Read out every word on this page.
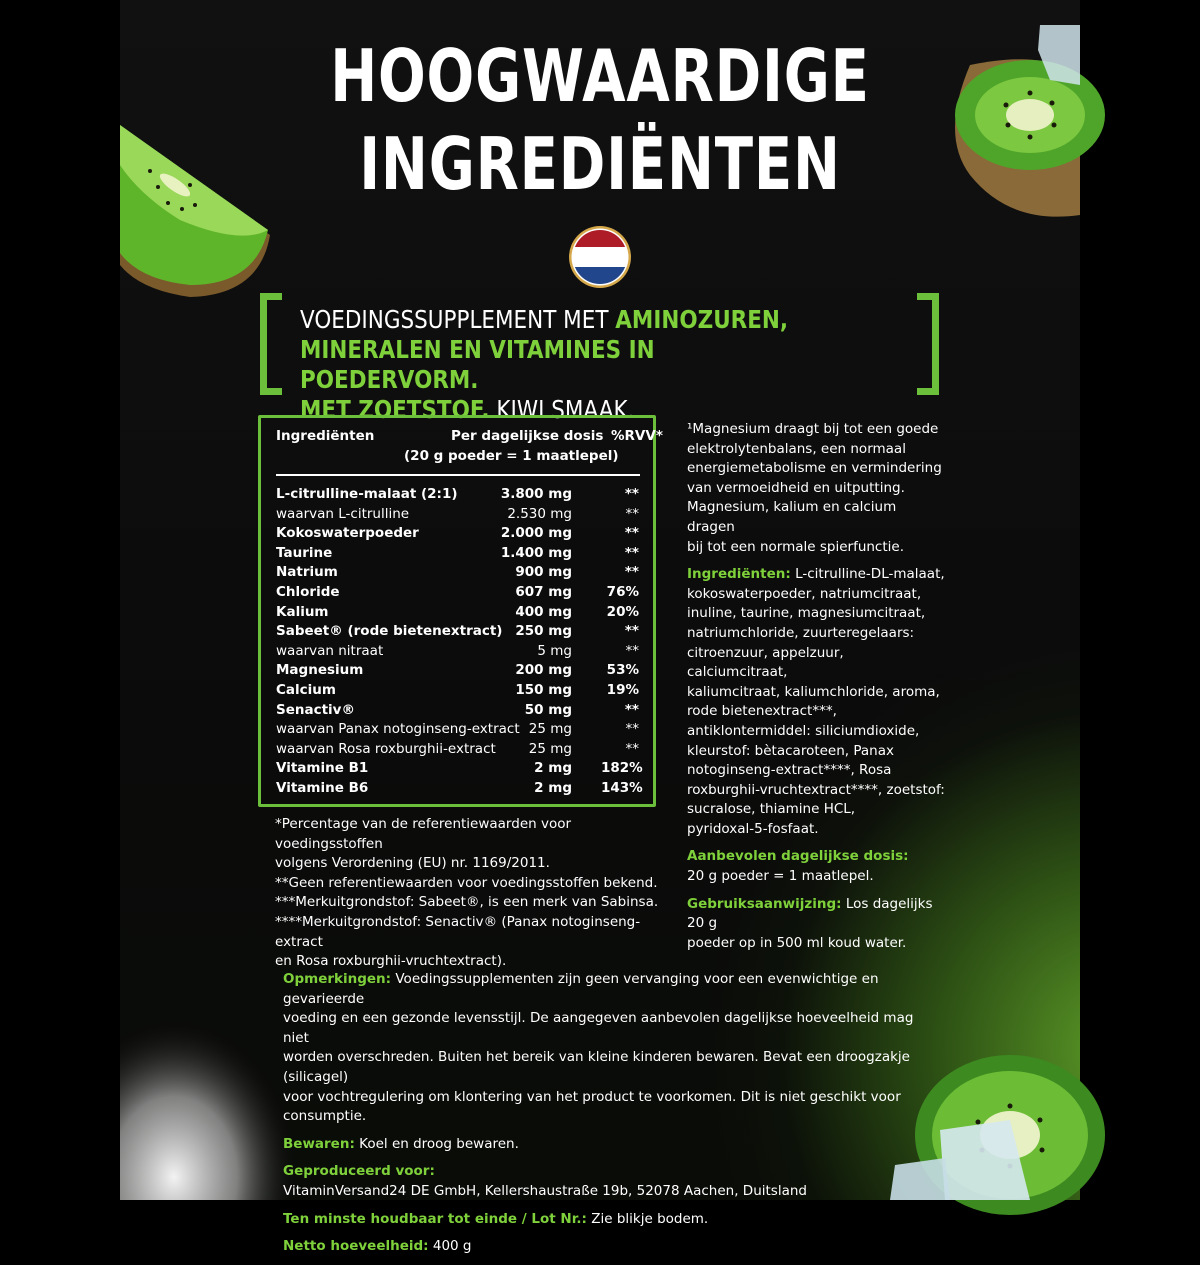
HOOGWAARDIGE
INGREDIËNTEN
VOEDINGSSUPPLEMENT MET AMINOZUREN,
MINERALEN EN VITAMINES IN POEDERVORM.
MET ZOETSTOF. KIWI SMAAK.
Ingrediënten	Per dagelijkse dosis
(20 g poeder = 1 maatlepel)
%RVV*
L-citrulline-malaat (2:1)	3.800 mg	**
waarvan L-citrulline	2.530 mg	**
Kokoswaterpoeder	2.000 mg	**
Taurine	1.400 mg	**
Natrium	900 mg	**
Chloride	607 mg	76%
Kalium	400 mg	20%
Sabeet® (rode bietenextract) 250 mg	**
waarvan nitraat	5 mg	**
Magnesium	200 mg	53%
Calcium	150 mg	19%
Senactiv®	50 mg	**
waarvan Panax notoginseng-extract 25 mg	**
waarvan Rosa roxburghii-extract	25 mg	**
Vitamine B1	2 mg 182%
Vitamine B6	2 mg 143%

¹Magnesium draagt bij tot een goede

elektrolytenbalans, een normaal

energiemetabolisme en vermindering

van vermoeidheid en uitputting.

Magnesium, kalium en calcium dragen

bij tot een normale spierfunctie.

Ingrediënten: L-citrulline-DL-malaat,

kokoswaterpoeder, natriumcitraat,

inuline, taurine, magnesiumcitraat,

natriumchloride, zuurteregelaars:

citroenzuur, appelzuur, calciumcitraat,

kaliumcitraat, kaliumchloride, aroma,

rode bietenextract***,

antiklontermiddel: siliciumdioxide,

kleurstof: bètacaroteen, Panax

notoginseng-extract****, Rosa

roxburghii-vruchtextract****, zoetstof:

sucralose, thiamine HCL,

pyridoxal-5-fosfaat.

Aanbevolen dagelijkse dosis:

20 g poeder = 1 maatlepel.

Gebruiksaanwijzing: Los dagelijks 20 g

poeder op in 500 ml koud water.

*Percentage van de referentiewaarden voor voedingsstoffen

volgens Verordening (EU) nr. 1169/2011.

**Geen referentiewaarden voor voedingsstoffen bekend.

***Merkuitgrondstof: Sabeet®, is een merk van Sabinsa.

****Merkuitgrondstof: Senactiv® (Panax notoginseng-extract

en Rosa roxburghii-vruchtextract).

Opmerkingen: Voedingssupplementen zijn geen vervanging voor een evenwichtige en gevarieerde

voeding en een gezonde levensstijl. De aangegeven aanbevolen dagelijkse hoeveelheid mag niet

worden overschreden. Buiten het bereik van kleine kinderen bewaren. Bevat een droogzakje (silicagel)

voor vochtregulering om klontering van het product te voorkomen. Dit is niet geschikt voor

consumptie.

Bewaren: Koel en droog bewaren.

Geproduceerd voor:

VitaminVersand24 DE GmbH, Kellershaustraße 19b, 52078 Aachen, Duitsland

Ten minste houdbaar tot einde / Lot Nr.: Zie blikje bodem.

Netto hoeveelheid: 400 g
